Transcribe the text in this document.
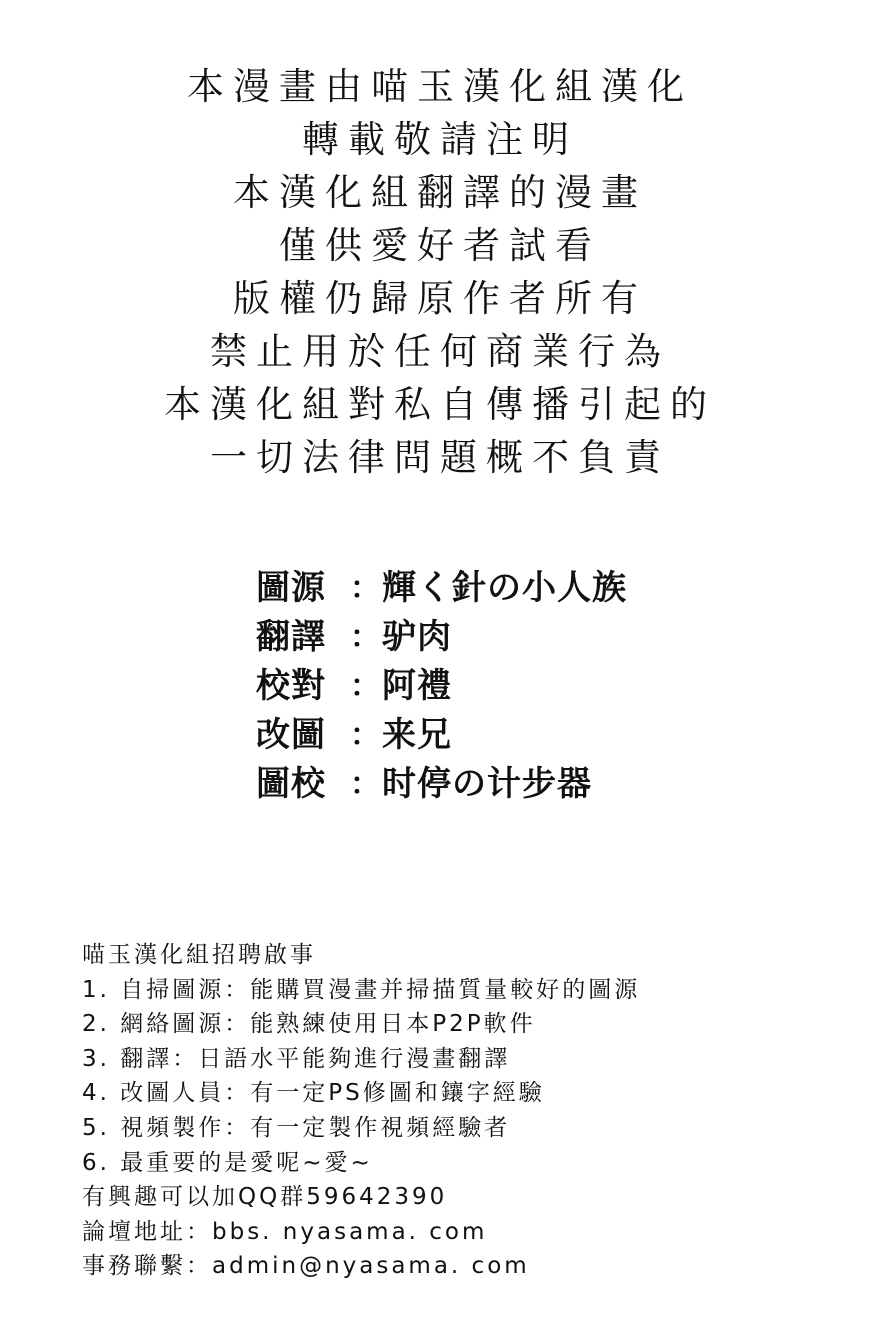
本漫畫由喵玉漢化組漢化
轉載敬請注明
本漢化組翻譯的漫畫
僅供愛好者試看
版權仍歸原作者所有
禁止用於任何商業行為
本漢化組對私自傳播引起的
一切法律問題概不負責
圖源 ： 輝く針の小人族
翻譯 ： 驴肉
校對 ： 阿禮
改圖 ： 来兄
圖校 ： 时停の计步器
喵玉漢化組招聘啟事
1. 自掃圖源：能購買漫畫并掃描質量較好的圖源
2. 網絡圖源：能熟練使用日本P2P軟件
3. 翻譯：日語水平能夠進行漫畫翻譯
4. 改圖人員：有一定PS修圖和鑲字經驗
5. 視頻製作：有一定製作視頻經驗者
6. 最重要的是愛呢~愛~
有興趣可以加QQ群59642390
論壇地址：bbs. nyasama. com
事務聯繫：admin@nyasama. com
